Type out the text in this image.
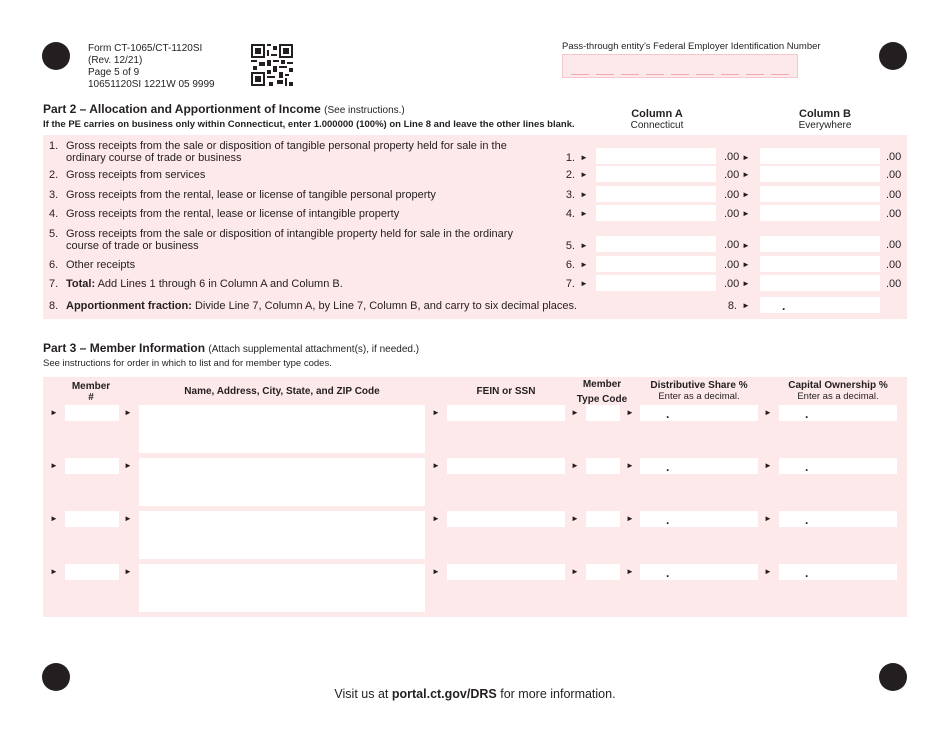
Form CT-1065/CT-1120SI
(Rev. 12/21)
Page 5 of 9
10651120SI 1221W 05 9999
Pass-through entity’s Federal Employer Identification Number
Part 2 – Allocation and Apportionment of Income (See instructions.)
If the PE carries on business only within Connecticut, enter 1.000000 (100%) on Line 8 and leave the other lines blank.
Column A
Connecticut
Column B
Everywhere
1. Gross receipts from the sale or disposition of tangible personal property held for sale in the ordinary course of trade or business	1. ►	.00 ►	.00
2. Gross receipts from services	2. ►	.00 ►	.00
3. Gross receipts from the rental, lease or license of tangible personal property	3. ►	.00 ►	.00
4. Gross receipts from the rental, lease or license of intangible property	4. ►	.00 ►	.00
5. Gross receipts from the sale or disposition of intangible property held for sale in the ordinary course of trade or business	5. ►	.00 ►	.00
6. Other receipts	6. ►	.00 ►	.00
7. Total: Add Lines 1 through 6 in Column A and Column B.	7. ►	.00 ►	.00
8. Apportionment fraction: Divide Line 7, Column A, by Line 7, Column B, and carry to six decimal places.	8. ►	.
Part 3 – Member Information (Attach supplemental attachment(s), if needed.)
See instructions for order in which to list and for member type codes.
Member
#
Name, Address, City, State, and ZIP Code	FEIN or SSN
Member
Type Code
Distributive Share %
Enter as a decimal.
Capital Ownership %
Enter as a decimal.
►	►	►	►	►	.	►	.
►	►	►	►	►	.	►	.
►	►	►	►	►	.	►	.
►	►	►	►	►	.	►	.
Visit us at portal.ct.gov/DRS for more information.
